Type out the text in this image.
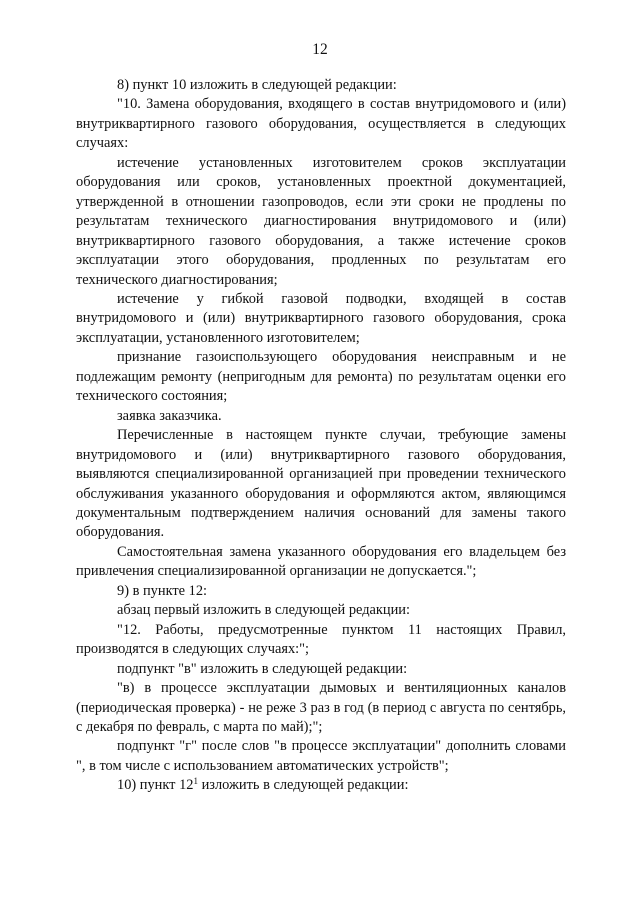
12

8) пункт 10 изложить в следующей редакции:

"10. Замена оборудования, входящего в состав внутридомового и (или) внутриквартирного газового оборудования, осуществляется в следующих случаях:

истечение установленных изготовителем сроков эксплуатации оборудования или сроков, установленных проектной документацией, утвержденной в отношении газопроводов, если эти сроки не продлены по результатам технического диагностирования внутридомового и (или) внутриквартирного газового оборудования, а также истечение сроков эксплуатации этого оборудования, продленных по результатам его технического диагностирования;

истечение у гибкой газовой подводки, входящей в состав внутридомового и (или) внутриквартирного газового оборудования, срока эксплуатации, установленного изготовителем;

признание газоиспользующего оборудования неисправным и не подлежащим ремонту (непригодным для ремонта) по результатам оценки его технического состояния;

заявка заказчика.

Перечисленные в настоящем пункте случаи, требующие замены внутридомового и (или) внутриквартирного газового оборудования, выявляются специализированной организацией при проведении технического обслуживания указанного оборудования и оформляются актом, являющимся документальным подтверждением наличия оснований для замены такого оборудования.

Самостоятельная замена указанного оборудования его владельцем без привлечения специализированной организации не допускается.";

9) в пункте 12:

абзац первый изложить в следующей редакции:

"12. Работы, предусмотренные пунктом 11 настоящих Правил, производятся в следующих случаях:";

подпункт "в" изложить в следующей редакции:

"в) в процессе эксплуатации дымовых и вентиляционных каналов (периодическая проверка) - не реже 3 раз в год (в период с августа по сентябрь, с декабря по февраль, с марта по май);";

подпункт "г" после слов "в процессе эксплуатации" дополнить словами ", в том числе с использованием автоматических устройств";

10) пункт $12^1$ изложить в следующей редакции:
